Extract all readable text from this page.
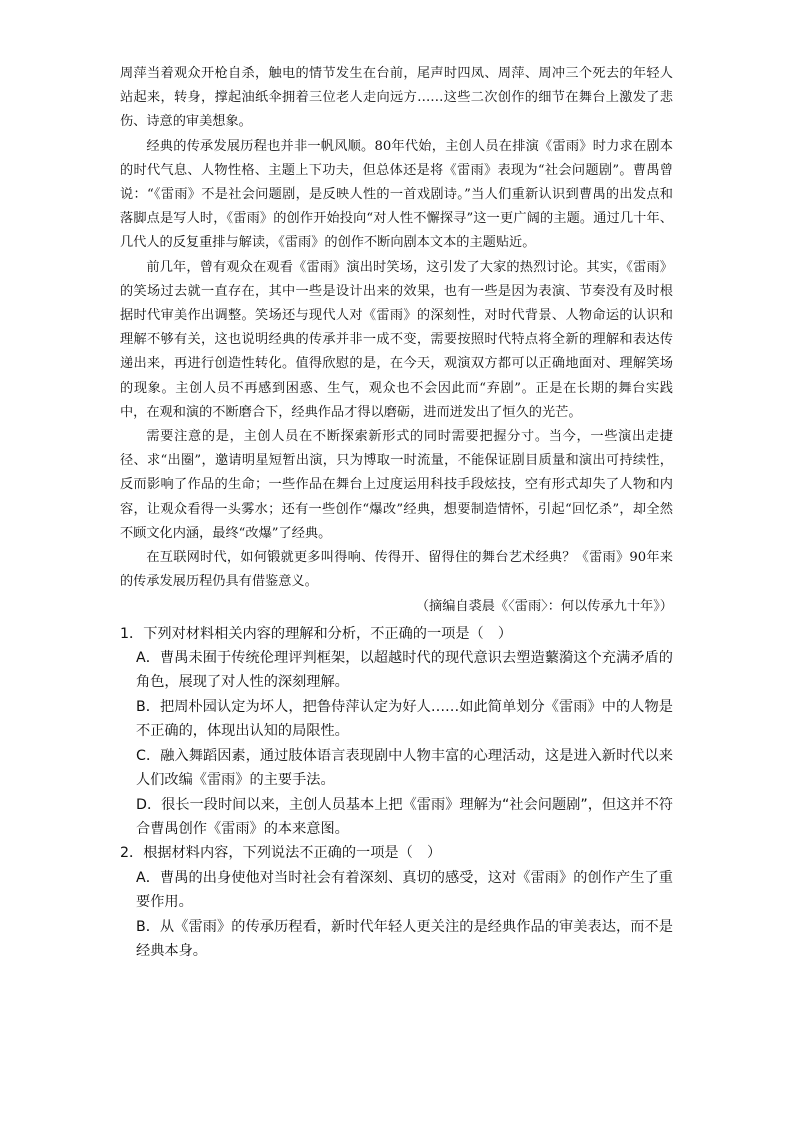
周萍当着观众开枪自杀，触电的情节发生在台前，尾声时四凤、周萍、周冲三个死去的年轻人站起来，转身，撑起油纸伞拥着三位老人走向远方……这些二次创作的细节在舞台上激发了悲伤、诗意的审美想象。

经典的传承发展历程也并非一帆风顺。80年代始，主创人员在排演《雷雨》时力求在剧本的时代气息、人物性格、主题上下功夫，但总体还是将《雷雨》表现为“社会问题剧”。曹禺曾说：“《雷雨》不是社会问题剧，是反映人性的一首戏剧诗。”当人们重新认识到曹禺的出发点和落脚点是写人时，《雷雨》的创作开始投向“对人性不懈探寻”这一更广阔的主题。通过几十年、几代人的反复重排与解读，《雷雨》的创作不断向剧本文本的主题贴近。

前几年，曾有观众在观看《雷雨》演出时笑场，这引发了大家的热烈讨论。其实，《雷雨》的笑场过去就一直存在，其中一些是设计出来的效果，也有一些是因为表演、节奏没有及时根据时代审美作出调整。笑场还与现代人对《雷雨》的深刻性，对时代背景、人物命运的认识和理解不够有关，这也说明经典的传承并非一成不变，需要按照时代特点将全新的理解和表达传递出来，再进行创造性转化。值得欣慰的是，在今天，观演双方都可以正确地面对、理解笑场的现象。主创人员不再感到困惑、生气，观众也不会因此而“弃剧”。正是在长期的舞台实践中，在观和演的不断磨合下，经典作品才得以磨砺，进而迸发出了恒久的光芒。

需要注意的是，主创人员在不断探索新形式的同时需要把握分寸。当今，一些演出走捷径、求“出圈”，邀请明星短暂出演，只为博取一时流量，不能保证剧目质量和演出可持续性，反而影响了作品的生命；一些作品在舞台上过度运用科技手段炫技，空有形式却失了人物和内容，让观众看得一头雾水；还有一些创作“爆改”经典，想要制造情怀，引起“回忆杀”，却全然不顾文化内涵，最终“改爆”了经典。

在互联网时代，如何锻就更多叫得响、传得开、留得住的舞台艺术经典？《雷雨》90年来的传承发展历程仍具有借鉴意义。

（摘编自裘晨《〈雷雨〉：何以传承九十年》）

1．下列对材料相关内容的理解和分析，不正确的一项是（　）

A．曹禺未囿于传统伦理评判框架，以超越时代的现代意识去塑造蘩漪这个充满矛盾的角色，展现了对人性的深刻理解。

B．把周朴园认定为坏人，把鲁侍萍认定为好人……如此简单划分《雷雨》中的人物是不正确的，体现出认知的局限性。

C．融入舞蹈因素，通过肢体语言表现剧中人物丰富的心理活动，这是进入新时代以来人们改编《雷雨》的主要手法。

D．很长一段时间以来，主创人员基本上把《雷雨》理解为“社会问题剧”，但这并不符合曹禺创作《雷雨》的本来意图。

2．根据材料内容，下列说法不正确的一项是（　）

A．曹禺的出身使他对当时社会有着深刻、真切的感受，这对《雷雨》的创作产生了重要作用。

B．从《雷雨》的传承历程看，新时代年轻人更关注的是经典作品的审美表达，而不是经典本身。
